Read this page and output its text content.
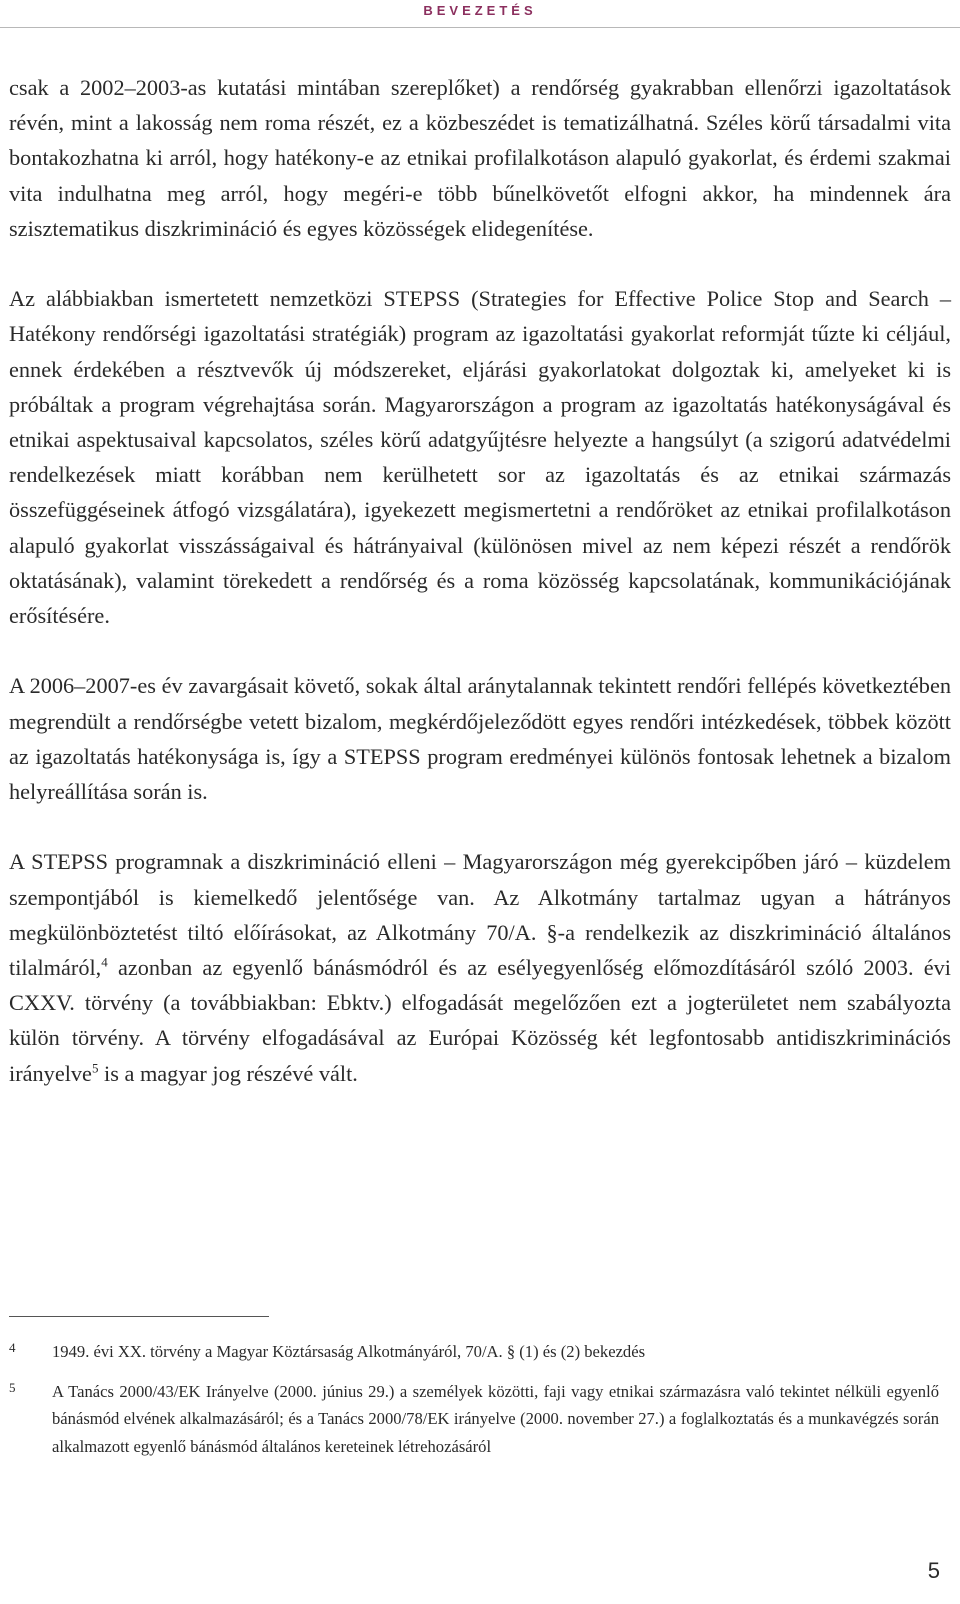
BEVEZETÉS

csak a 2002–2003-as kutatási mintában szereplőket) a rendőrség gyakrabban ellenőrzi igazoltatások révén, mint a lakosság nem roma részét, ez a közbeszédet is tematizálhatná. Széles körű társadalmi vita bontakozhatna ki arról, hogy hatékony-e az etnikai profilalkotáson alapuló gyakorlat, és érdemi szakmai vita indulhatna meg arról, hogy megéri-e több bűnelkövetőt elfogni akkor, ha mindennek ára szisztematikus diszkrimináció és egyes közösségek elidegenítése.

Az alábbiakban ismertetett nemzetközi STEPSS (Strategies for Effective Police Stop and Search – Hatékony rendőrségi igazoltatási stratégiák) program az igazoltatási gyakorlat reformját tűzte ki céljául, ennek érdekében a résztvevők új módszereket, eljárási gyakorlatokat dolgoztak ki, amelyeket ki is próbáltak a program végrehajtása során. Magyarországon a program az igazoltatás hatékonyságával és etnikai aspektusaival kapcsolatos, széles körű adatgyűjtésre helyezte a hangsúlyt (a szigorú adatvédelmi rendelkezések miatt korábban nem kerülhetett sor az igazoltatás és az etnikai származás összefüggéseinek átfogó vizsgálatára), igyekezett megismertetni a rendőröket az etnikai profilalkotáson alapuló gyakorlat visszásságaival és hátrányaival (különösen mivel az nem képezi részét a rendőrök oktatásának), valamint törekedett a rendőrség és a roma közösség kapcsolatának, kommunikációjának erősítésére.

A 2006–2007-es év zavargásait követő, sokak által aránytalannak tekintett rendőri fellépés következtében megrendült a rendőrségbe vetett bizalom, megkérdőjeleződött egyes rendőri intézkedések, többek között az igazoltatás hatékonysága is, így a STEPSS program eredményei különös fontosak lehetnek a bizalom helyreállítása során is.

A STEPSS programnak a diszkrimináció elleni – Magyarországon még gyerekcipőben járó – küzdelem szempontjából is kiemelkedő jelentősége van. Az Alkotmány tartalmaz ugyan a hátrányos megkülönböztetést tiltó előírásokat, az Alkotmány 70/A. §-a rendelkezik az diszkrimináció általános tilalmáról,$^4$ azonban az egyenlő bánásmódról és az esélyegyenlőség előmozdításáról szóló 2003. évi CXXV. törvény (a továbbiakban: Ebktv.) elfogadását megelőzően ezt a jogterületet nem szabályozta külön törvény. A törvény elfogadásával az Európai Közösség két legfontosabb antidiszkriminációs irányelve$^5$ is a magyar jog részévé vált.

4 1949. évi XX. törvény a Magyar Köztársaság Alkotmányáról, 70/A. § (1) és (2) bekezdés
5 A Tanács 2000/43/EK Irányelve (2000. június 29.) a személyek közötti, faji vagy etnikai származásra való tekintet nélküli egyenlő bánásmód elvének alkalmazásáról; és a Tanács 2000/78/EK irányelve (2000. november 27.) a foglalkoztatás és a munkavégzés során alkalmazott egyenlő bánásmód általános kereteinek létrehozásáról
5
